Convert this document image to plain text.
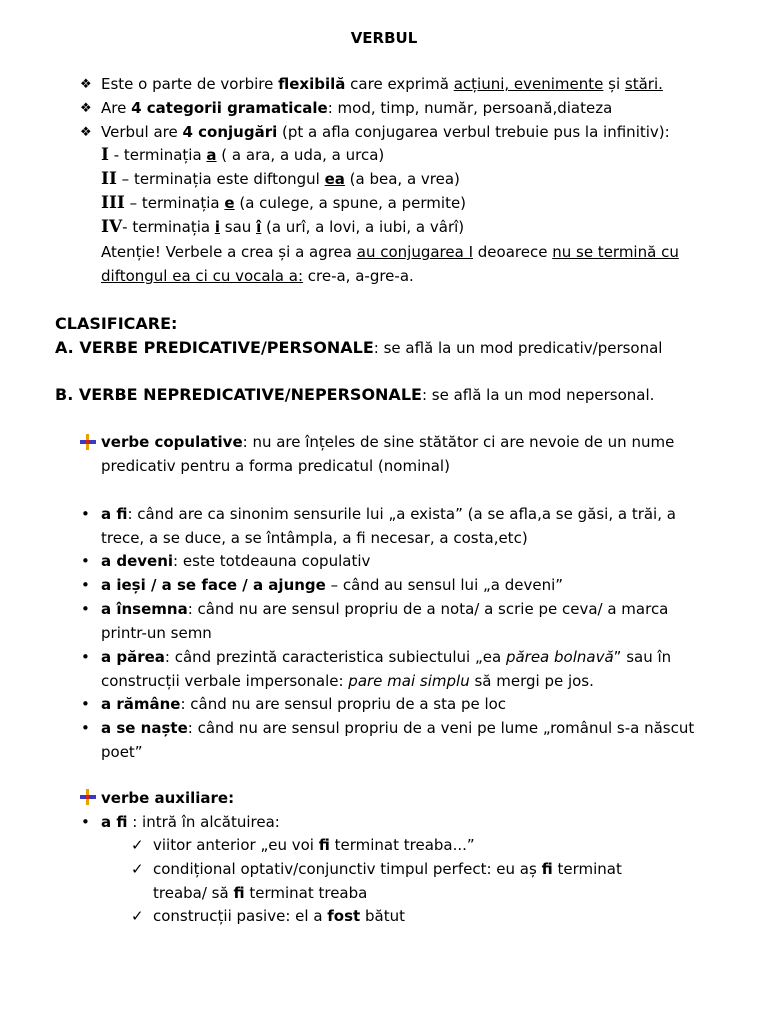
VERBUL
❖ Este o parte de vorbire flexibilă care exprimă acțiuni, evenimente și stări.
❖ Are 4 categorii gramaticale: mod, timp, număr, persoană,diateza
❖ Verbul are 4 conjugări (pt a afla conjugarea verbul trebuie pus la infinitiv):
I - terminația a ( a ara, a uda, a urca)
II – terminația este diftongul ea (a bea, a vrea)
III – terminația e (a culege, a spune, a permite)
IV- terminația i sau î (a urî, a lovi, a iubi, a vârî)
Atenție! Verbele a crea și a agrea au conjugarea I deoarece nu se termină cu
diftongul ea ci cu vocala a: cre-a, a-gre-a.
CLASIFICARE:
A. VERBE PREDICATIVE/PERSONALE: se află la un mod predicativ/personal
B. VERBE NEPREDICATIVE/NEPERSONALE: se află la un mod nepersonal.
verbe copulative: nu are înțeles de sine stătător ci are nevoie de un nume
predicativ pentru a forma predicatul (nominal)
• a fi: când are ca sinonim sensurile lui „a exista” (a se afla,a se găsi, a trăi, a
trece, a se duce, a se întâmpla, a fi necesar, a costa,etc)
• a deveni: este totdeauna copulativ
• a ieși / a se face / a ajunge – când au sensul lui „a deveni”
• a însemna: când nu are sensul propriu de a nota/ a scrie pe ceva/ a marca
printr-un semn
• a părea: când prezintă caracteristica subiectului „ea părea bolnavă” sau în
construcții verbale impersonale: pare mai simplu să mergi pe jos.
• a rămâne: când nu are sensul propriu de a sta pe loc
• a se naște: când nu are sensul propriu de a veni pe lume „românul s-a născut
poet”
verbe auxiliare:
• a fi : intră în alcătuirea:
✓ viitor anterior „eu voi fi terminat treaba...”
✓ condițional optativ/conjunctiv timpul perfect: eu aș fi terminat
treaba/ să fi terminat treaba
✓ construcții pasive: el a fost bătut
